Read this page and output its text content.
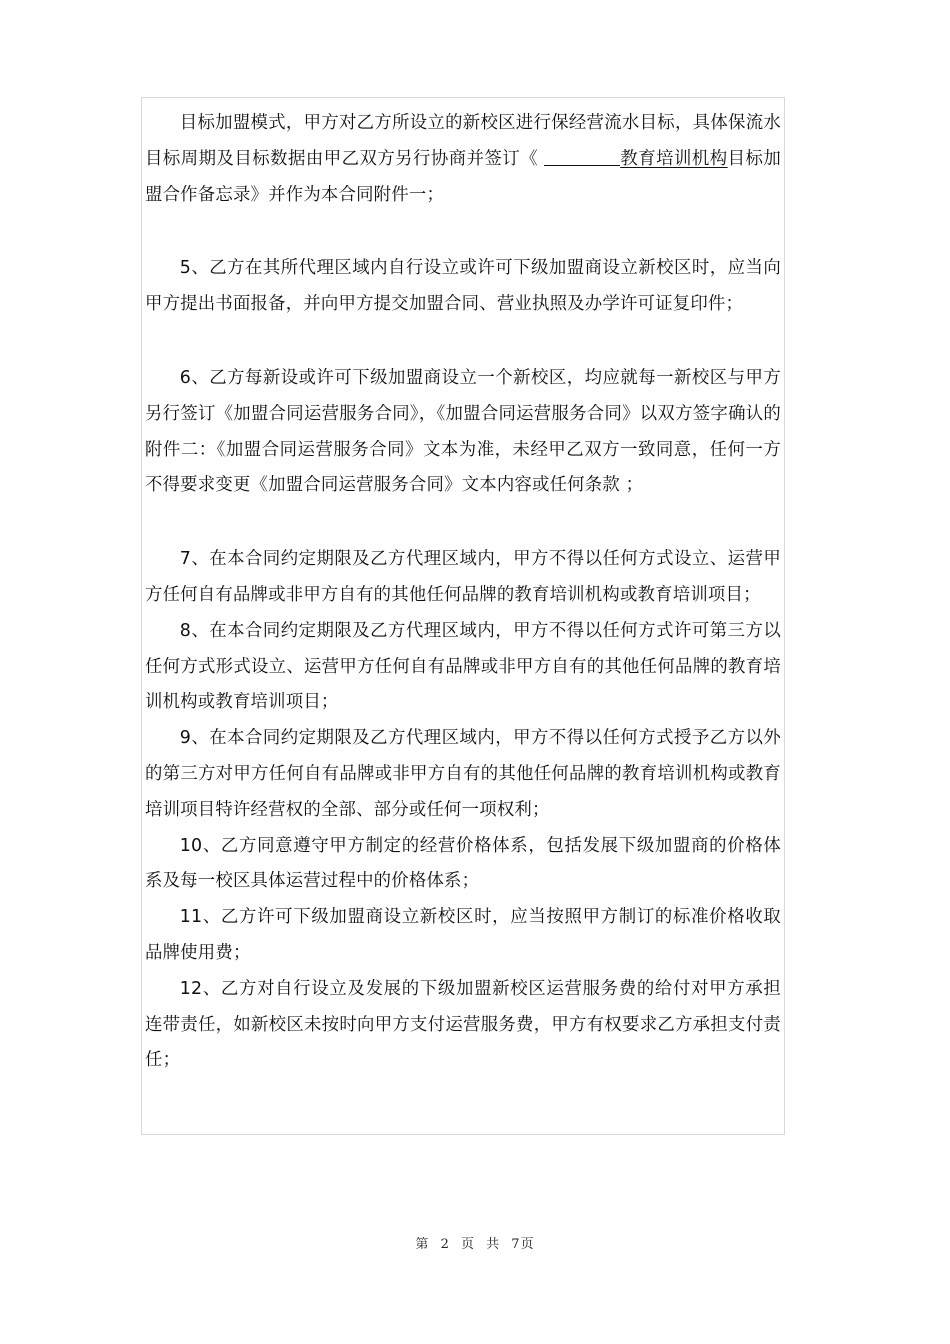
目标加盟模式，甲方对乙方所设立的新校区进行保经营流水目标，具体保流水目标周期及目标数据由甲乙双方另行协商并签订《	教育培训机构目标加盟合作备忘录》并作为本合同附件一；

5、乙方在其所代理区域内自行设立或许可下级加盟商设立新校区时，应当向甲方提出书面报备，并向甲方提交加盟合同、营业执照及办学许可证复印件；

6、乙方每新设或许可下级加盟商设立一个新校区，均应就每一新校区与甲方另行签订《加盟合同运营服务合同》，《加盟合同运营服务合同》以双方签字确认的附件二：《加盟合同运营服务合同》文本为准，未经甲乙双方一致同意，任何一方不得要求变更《加盟合同运营服务合同》文本内容或任何条款 ；

7、在本合同约定期限及乙方代理区域内，甲方不得以任何方式设立、运营甲方任何自有品牌或非甲方自有的其他任何品牌的教育培训机构或教育培训项目；

8、在本合同约定期限及乙方代理区域内，甲方不得以任何方式许可第三方以任何方式形式设立、运营甲方任何自有品牌或非甲方自有的其他任何品牌的教育培训机构或教育培训项目；

9、在本合同约定期限及乙方代理区域内，甲方不得以任何方式授予乙方以外的第三方对甲方任何自有品牌或非甲方自有的其他任何品牌的教育培训机构或教育培训项目特许经营权的全部、部分或任何一项权利；

10、乙方同意遵守甲方制定的经营价格体系，包括发展下级加盟商的价格体系及每一校区具体运营过程中的价格体系；

11、乙方许可下级加盟商设立新校区时，应当按照甲方制订的标准价格收取品牌使用费；

12、乙方对自行设立及发展的下级加盟新校区运营服务费的给付对甲方承担连带责任，如新校区未按时向甲方支付运营服务费，甲方有权要求乙方承担支付责任；

第 2 页 共 7页
